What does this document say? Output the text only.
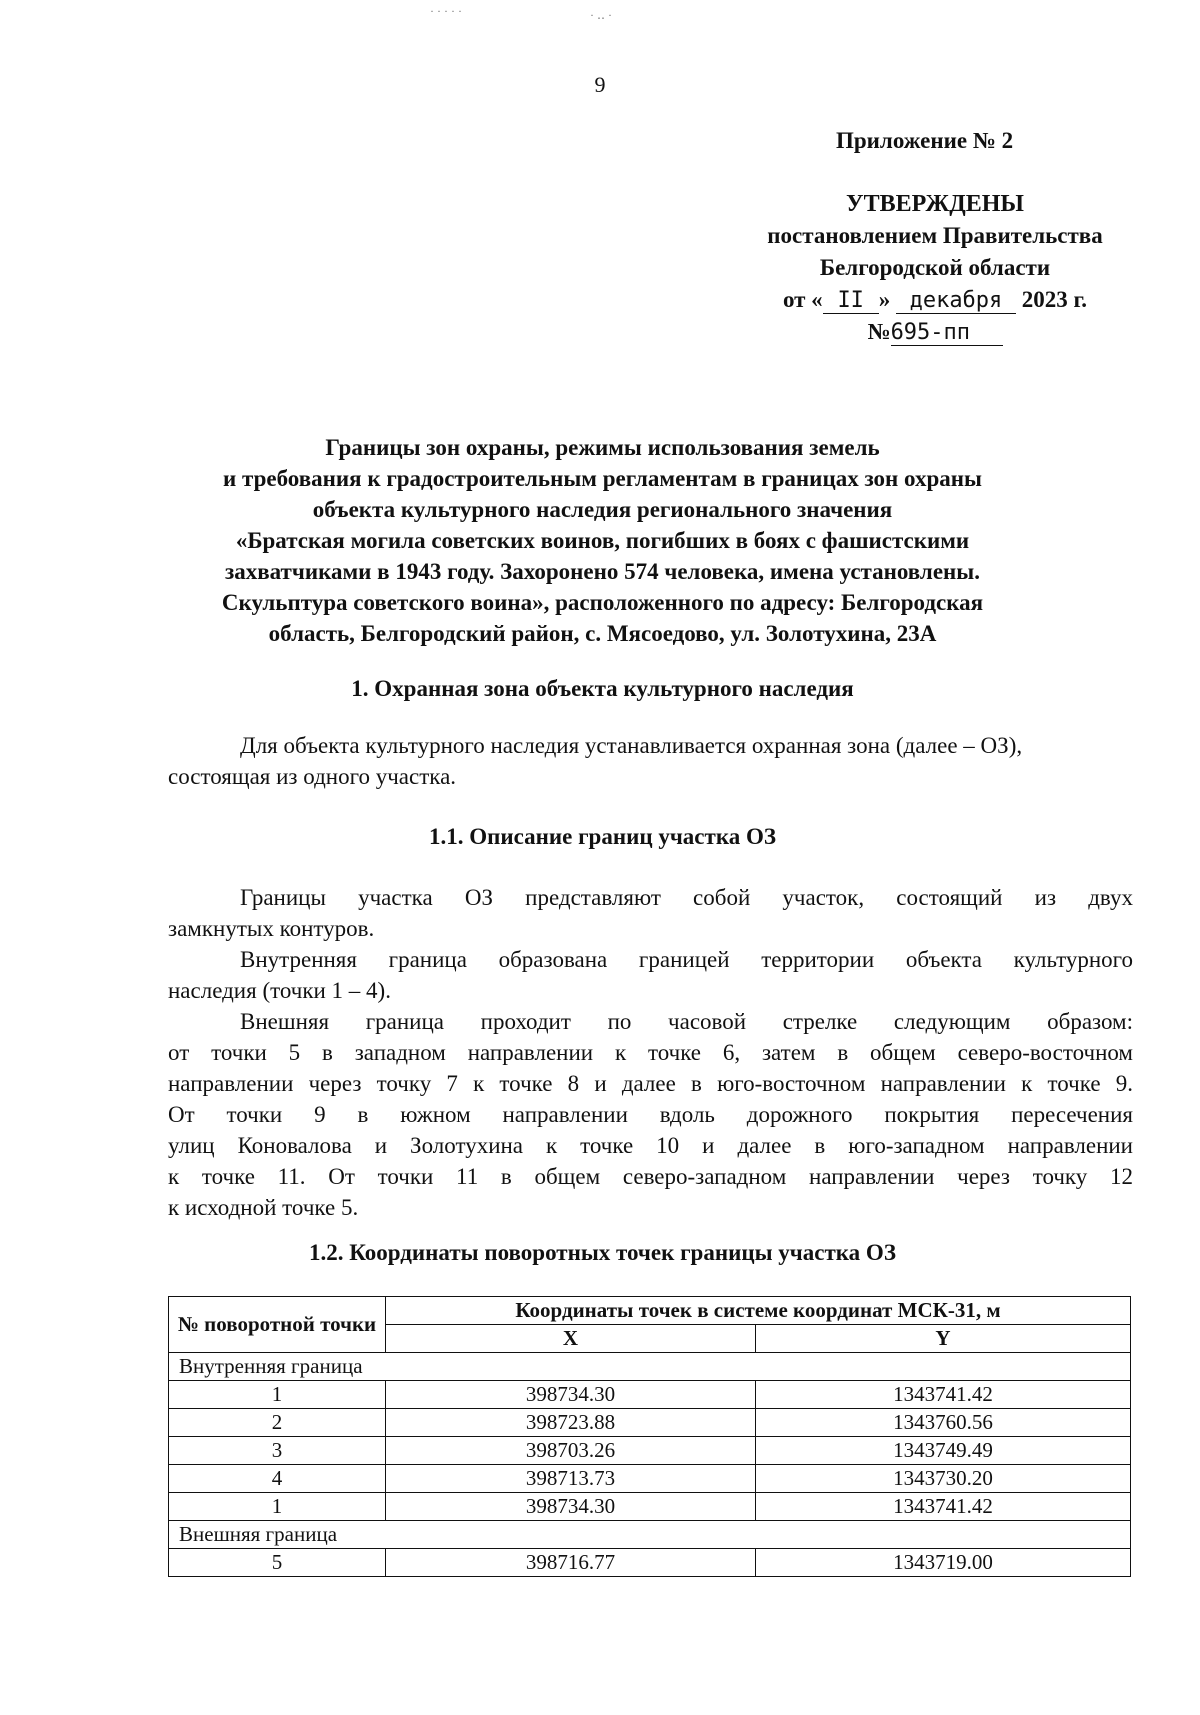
· · · · ·	· ‥ ·
9
Приложение № 2
УТВЕРЖДЕНЫ
постановлением Правительства
Белгородской области
от « II » декабря 2023 г.
№695-пп
Границы зон охраны, режимы использования земель
и требования к градостроительным регламентам в границах зон охраны
объекта культурного наследия регионального значения
«Братская могила советских воинов, погибших в боях с фашистскими
захватчиками в 1943 году. Захоронено 574 человека, имена установлены.
Скульптура советского воина», расположенного по адресу: Белгородская
область, Белгородский район, с. Мясоедово, ул. Золотухина, 23А
1. Охранная зона объекта культурного наследия
Для объекта культурного наследия устанавливается охранная зона (далее – ОЗ),
состоящая из одного участка.
1.1. Описание границ участка ОЗ
Границы участка ОЗ представляют собой участок, состоящий из двух
замкнутых контуров.
Внутренняя граница образована границей территории объекта культурного
наследия (точки 1 – 4).
Внешняя граница проходит по часовой стрелке следующим образом:
от точки 5 в западном направлении к точке 6, затем в общем северо-восточном
направлении через точку 7 к точке 8 и далее в юго-восточном направлении к точке 9.
От точки 9 в южном направлении вдоль дорожного покрытия пересечения
улиц Коновалова и Золотухина к точке 10 и далее в юго-западном направлении
к точке 11. От точки 11 в общем северо-западном направлении через точку 12
к исходной точке 5.
1.2. Координаты поворотных точек границы участка ОЗ
№ поворотной точки	Координаты точек в системе координат МСК-31, м	
	X	Y
Внутренняя граница		
1	398734.30	1343741.42
2	398723.88	1343760.56
3	398703.26	1343749.49
4	398713.73	1343730.20
1	398734.30	1343741.42
Внешняя граница		
5	398716.77	1343719.00
